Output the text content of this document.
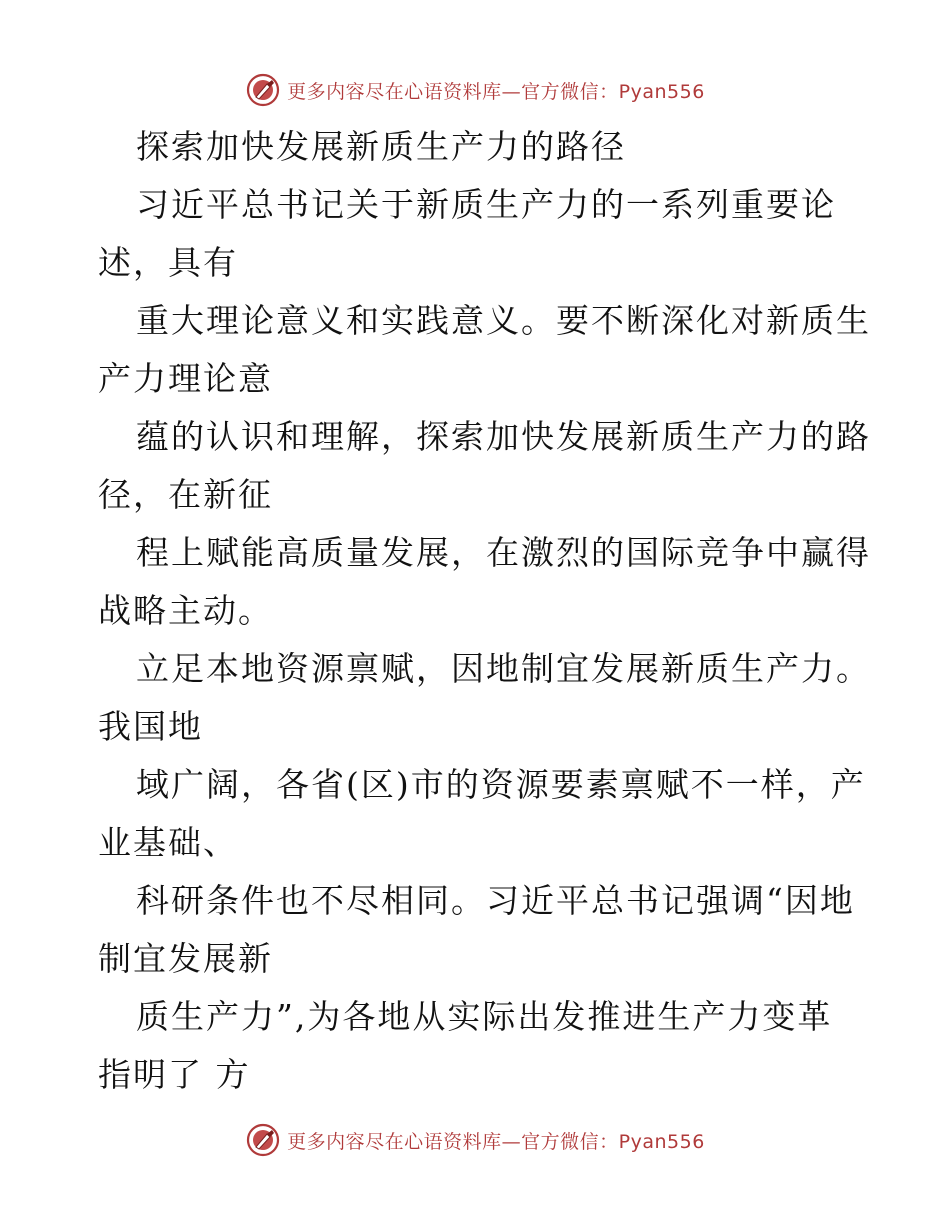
更多内容尽在心语资料库—官方微信：Pyan556
探索加快发展新质生产力的路径
习近平总书记关于新质生产力的一系列重要论
述，具有
重大理论意义和实践意义。要不断深化对新质生
产力理论意
蕴的认识和理解，探索加快发展新质生产力的路
径，在新征
程上赋能高质量发展，在激烈的国际竞争中赢得
战略主动。
立足本地资源禀赋，因地制宜发展新质生产力。
我国地
域广阔，各省(区)市的资源要素禀赋不一样，产
业基础、
科研条件也不尽相同。习近平总书记强调“因地
制宜发展新
质生产力”,为各地从实际出发推进生产力变革
指明了 方
更多内容尽在心语资料库—官方微信：Pyan556
